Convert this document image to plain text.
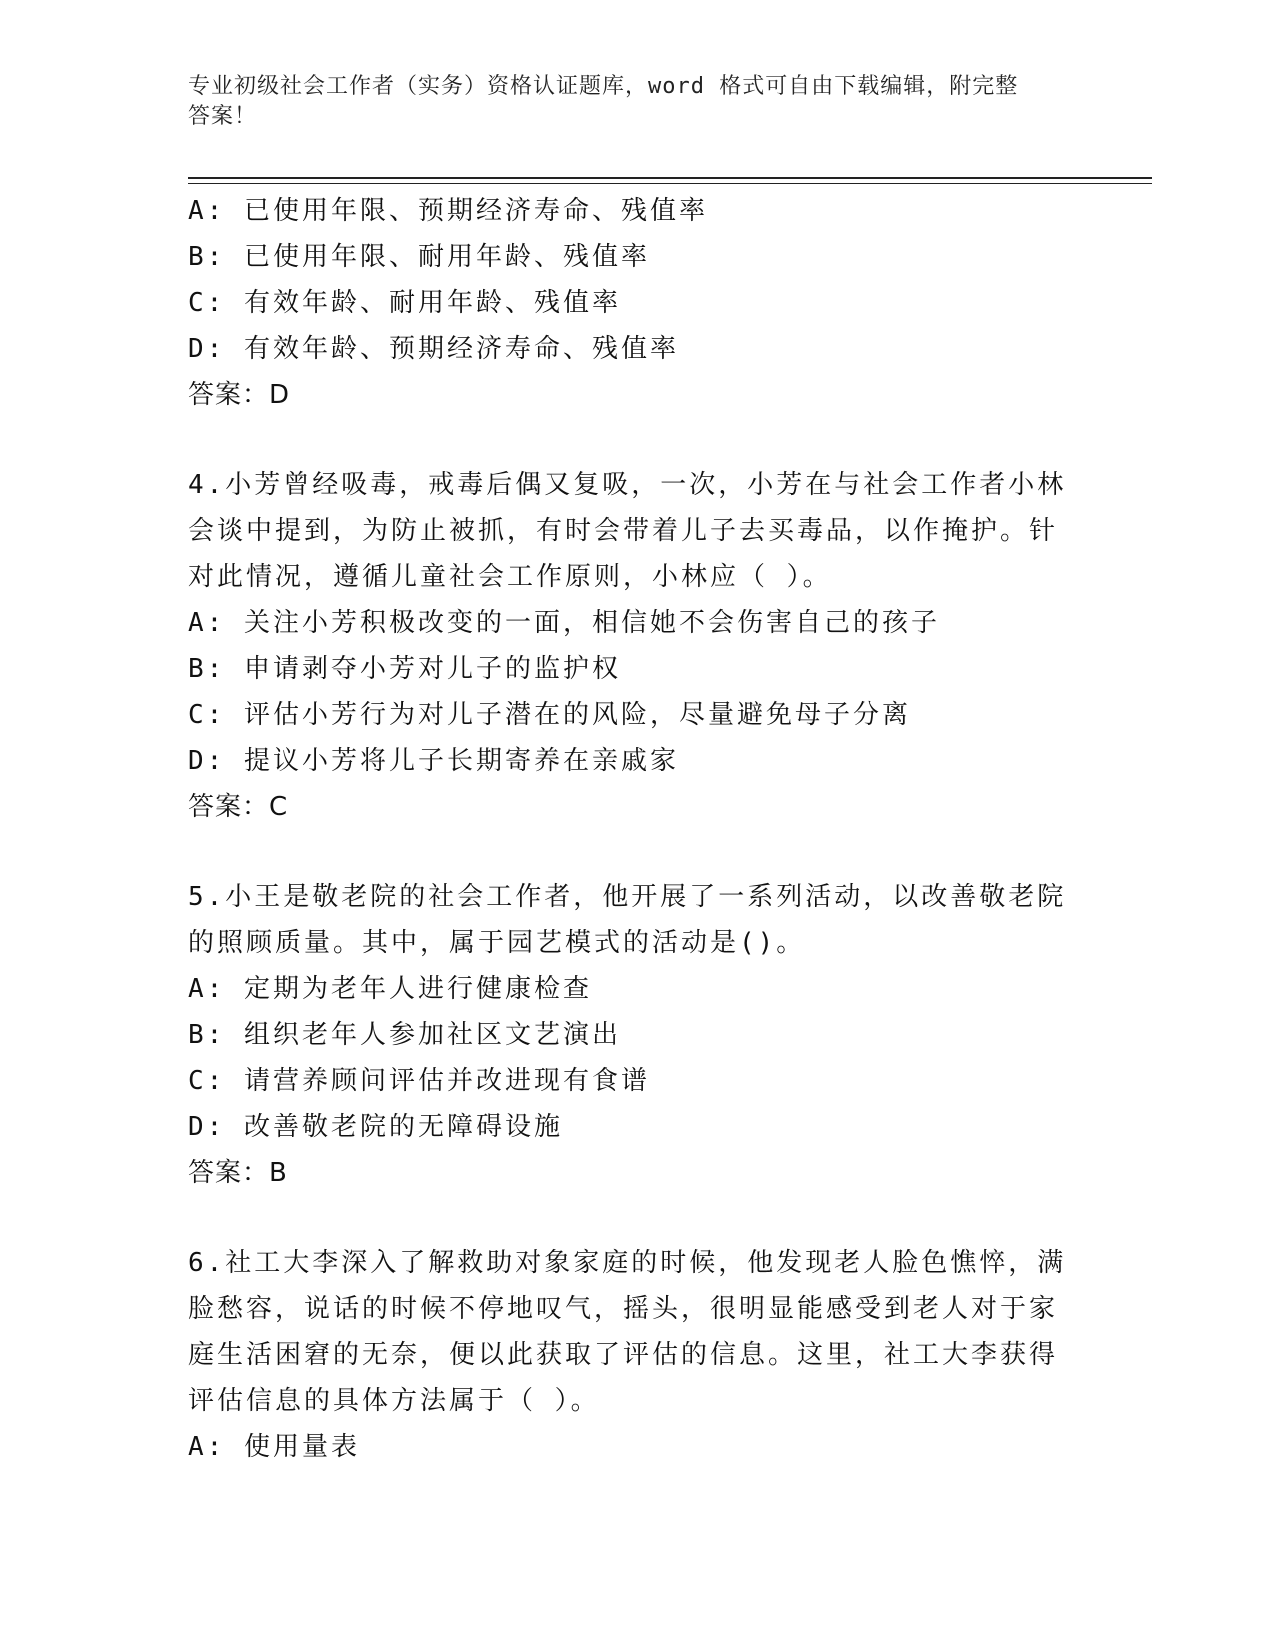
专业初级社会工作者（实务）资格认证题库，word 格式可自由下载编辑，附完整
答案！
A: 已使用年限、预期经济寿命、残值率
B: 已使用年限、耐用年龄、残值率
C: 有效年龄、耐用年龄、残值率
D: 有效年龄、预期经济寿命、残值率
答案：D
4.小芳曾经吸毒，戒毒后偶又复吸，一次，小芳在与社会工作者小林
会谈中提到，为防止被抓，有时会带着儿子去买毒品，以作掩护。针
对此情况，遵循儿童社会工作原则，小林应（ ）。
A: 关注小芳积极改变的一面，相信她不会伤害自己的孩子
B: 申请剥夺小芳对儿子的监护权
C: 评估小芳行为对儿子潜在的风险，尽量避免母子分离
D: 提议小芳将儿子长期寄养在亲戚家
答案：C
5.小王是敬老院的社会工作者，他开展了一系列活动，以改善敬老院
的照顾质量。其中，属于园艺模式的活动是()。
A: 定期为老年人进行健康检查
B: 组织老年人参加社区文艺演出
C: 请营养顾问评估并改进现有食谱
D: 改善敬老院的无障碍设施
答案：B
6.社工大李深入了解救助对象家庭的时候，他发现老人脸色憔悴，满
脸愁容，说话的时候不停地叹气，摇头，很明显能感受到老人对于家
庭生活困窘的无奈，便以此获取了评估的信息。这里，社工大李获得
评估信息的具体方法属于（ ）。
A: 使用量表
